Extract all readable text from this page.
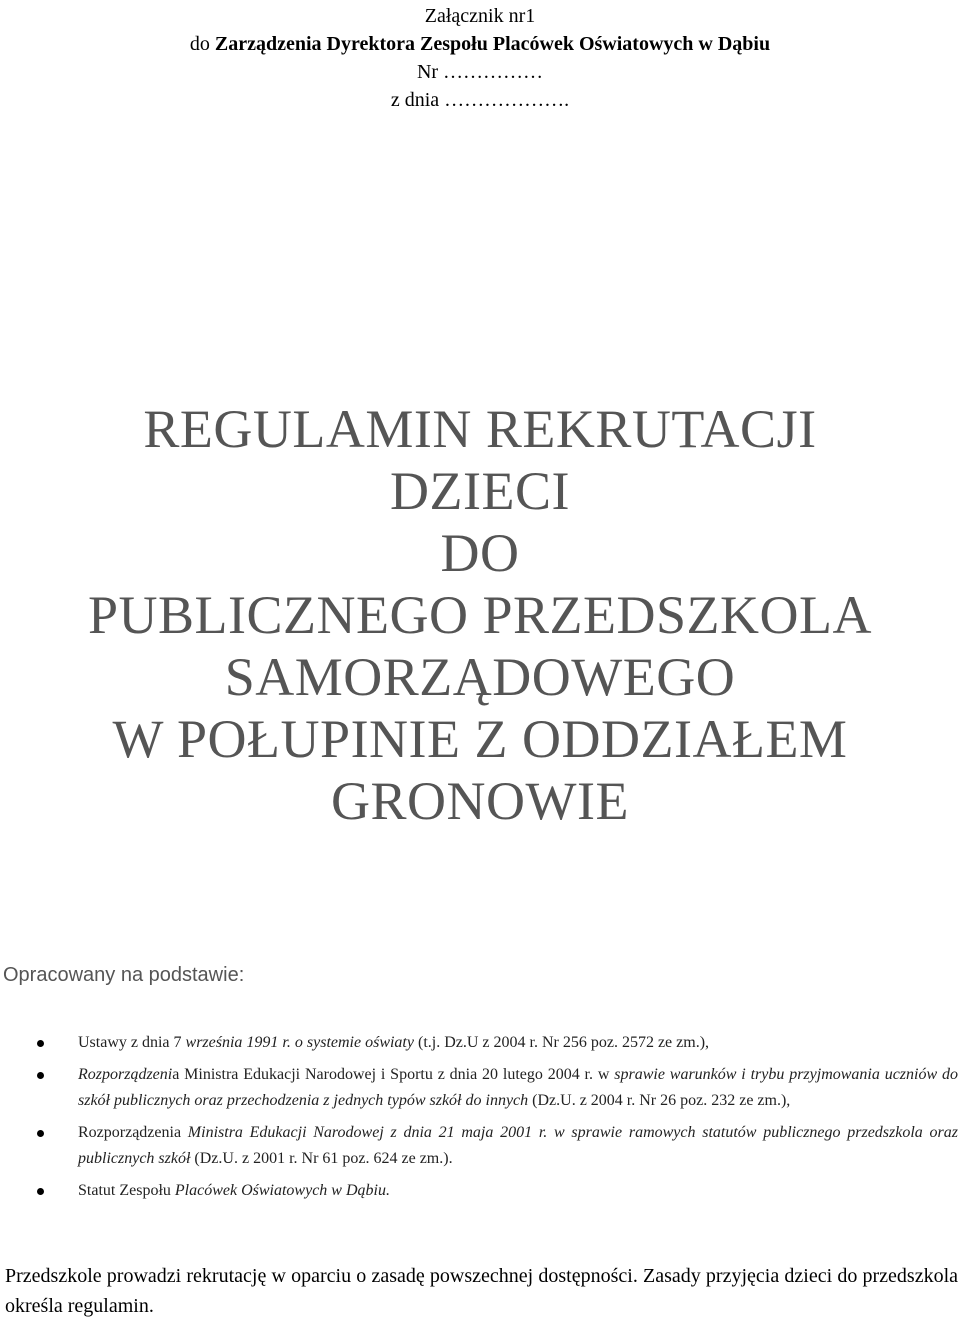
Załącznik nr1
do Zarządzenia Dyrektora Zespołu Placówek Oświatowych w Dąbiu
Nr ……………
z dnia ……………….
REGULAMIN REKRUTACJI
DZIECI
DO
PUBLICZNEGO PRZEDSZKOLA
SAMORZĄDOWEGO
W POŁUPINIE Z ODDZIAŁEM
GRONOWIE
Opracowany na podstawie:
Ustawy z dnia 7 września 1991 r. o systemie oświaty (t.j. Dz.U z 2004 r. Nr 256 poz. 2572 ze zm.),
Rozporządzenia Ministra Edukacji Narodowej i Sportu z dnia 20 lutego 2004 r. w sprawie warunków i trybu przyjmowania uczniów do szkół publicznych oraz przechodzenia z jednych typów szkół do innych (Dz.U. z 2004 r. Nr 26 poz. 232 ze zm.),
Rozporządzenia Ministra Edukacji Narodowej z dnia 21 maja 2001 r. w sprawie ramowych statutów publicznego przedszkola oraz publicznych szkół (Dz.U. z 2001 r. Nr 61 poz. 624 ze zm.).
Statut Zespołu Placówek Oświatowych w Dąbiu.
Przedszkole prowadzi rekrutację w oparciu o zasadę powszechnej dostępności. Zasady przyjęcia dzieci do przedszkola określa regulamin.
